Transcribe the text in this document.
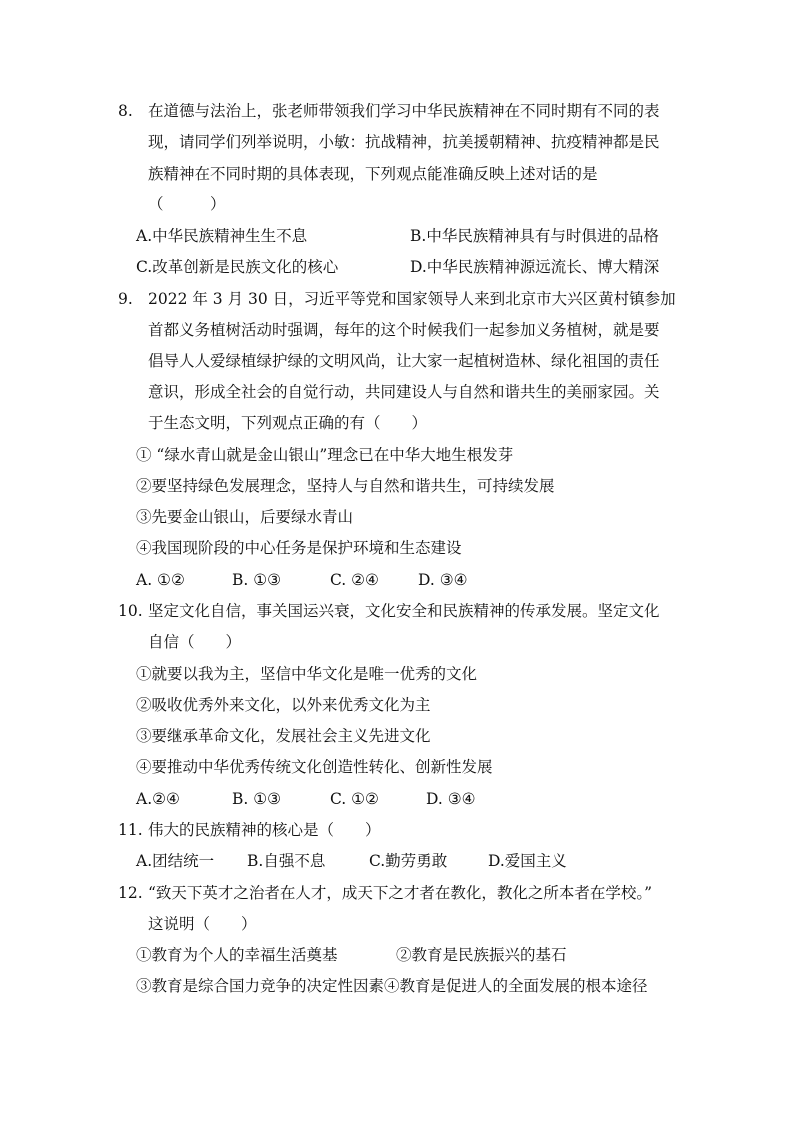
8. 在道德与法治上，张老师带领我们学习中华民族精神在不同时期有不同的表
现，请同学们列举说明，小敏：抗战精神，抗美援朝精神、抗疫精神都是民
族精神在不同时期的具体表现，下列观点能准确反映上述对话的是
（　　　）
A.中华民族精神生生不息	B.中华民族精神具有与时俱进的品格
C.改革创新是民族文化的核心	D.中华民族精神源远流长、博大精深
9. 2022 年 3 月 30 日，习近平等党和国家领导人来到北京市大兴区黄村镇参加
首都义务植树活动时强调，每年的这个时候我们一起参加义务植树，就是要
倡导人人爱绿植绿护绿的文明风尚，让大家一起植树造林、绿化祖国的责任
意识，形成全社会的自觉行动，共同建设人与自然和谐共生的美丽家园。关
于生态文明，下列观点正确的有（　　）
① “绿水青山就是金山银山”理念已在中华大地生根发芽
②要坚持绿色发展理念，坚持人与自然和谐共生，可持续发展
③先要金山银山，后要绿水青山
④我国现阶段的中心任务是保护环境和生态建设
A. ①②	B. ①③	C. ②④	D. ③④
10. 坚定文化自信，事关国运兴衰，文化安全和民族精神的传承发展。坚定文化
自信（　　）
①就要以我为主，坚信中华文化是唯一优秀的文化
②吸收优秀外来文化，以外来优秀文化为主
③要继承革命文化，发展社会主义先进文化
④要推动中华优秀传统文化创造性转化、创新性发展
A.②④	B. ①③	C. ①②	D. ③④
11. 伟大的民族精神的核心是（　　）
A.团结统一 B.自强不息	C.勤劳勇敢	D.爱国主义
12. “致天下英才之治者在人才，成天下之才者在教化，教化之所本者在学校。”
这说明（　　）
①教育为个人的幸福生活奠基	②教育是民族振兴的基石
③教育是综合国力竞争的决定性因素④教育是促进人的全面发展的根本途径
